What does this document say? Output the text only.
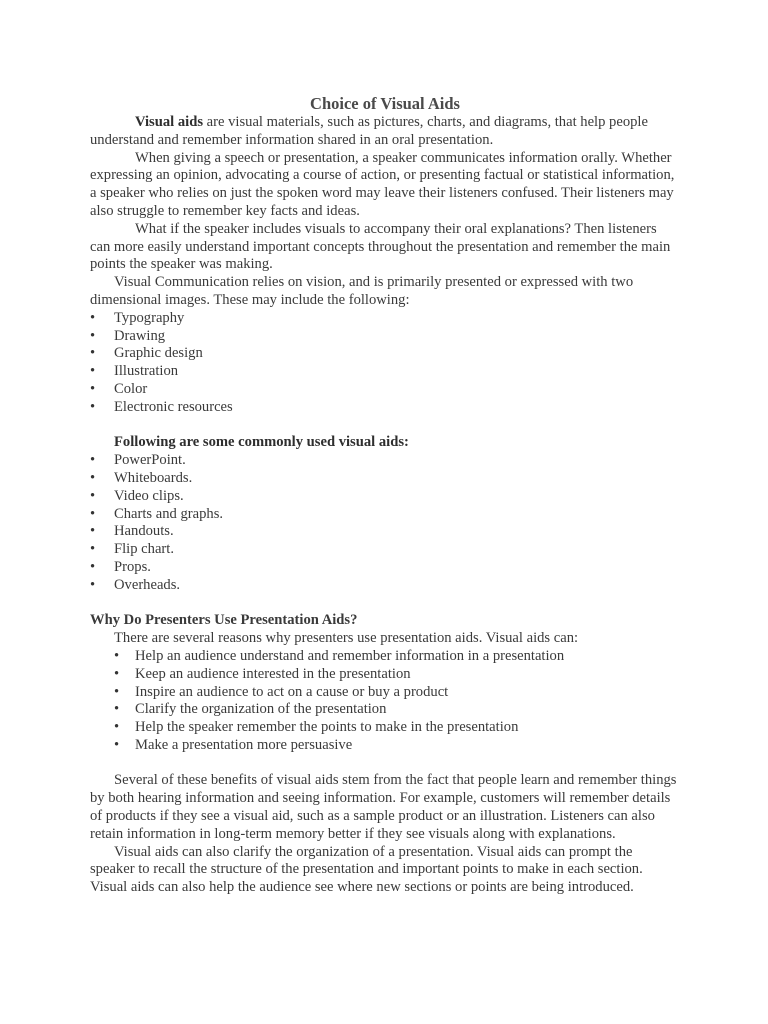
Choice of Visual Aids

Visual aids are visual materials, such as pictures, charts, and diagrams, that help people understand and remember information shared in an oral presentation.

When giving a speech or presentation, a speaker communicates information orally. Whether expressing an opinion, advocating a course of action, or presenting factual or statistical information, a speaker who relies on just the spoken word may leave their listeners confused. Their listeners may also struggle to remember key facts and ideas.

What if the speaker includes visuals to accompany their oral explanations? Then listeners can more easily understand important concepts throughout the presentation and remember the main points the speaker was making.

Visual Communication relies on vision, and is primarily presented or expressed with two dimensional images. These may include the following:

• Typography
• Drawing
• Graphic design
• Illustration
• Color
• Electronic resources

Following are some commonly used visual aids:

• PowerPoint.
• Whiteboards.
• Video clips.
• Charts and graphs.
• Handouts.
• Flip chart.
• Props.
• Overheads.

Why Do Presenters Use Presentation Aids?

There are several reasons why presenters use presentation aids. Visual aids can:

• Help an audience understand and remember information in a presentation
• Keep an audience interested in the presentation
• Inspire an audience to act on a cause or buy a product
• Clarify the organization of the presentation
• Help the speaker remember the points to make in the presentation
• Make a presentation more persuasive

Several of these benefits of visual aids stem from the fact that people learn and remember things by both hearing information and seeing information. For example, customers will remember details of products if they see a visual aid, such as a sample product or an illustration. Listeners can also retain information in long-term memory better if they see visuals along with explanations.

Visual aids can also clarify the organization of a presentation. Visual aids can prompt the speaker to recall the structure of the presentation and important points to make in each section. Visual aids can also help the audience see where new sections or points are being introduced.
